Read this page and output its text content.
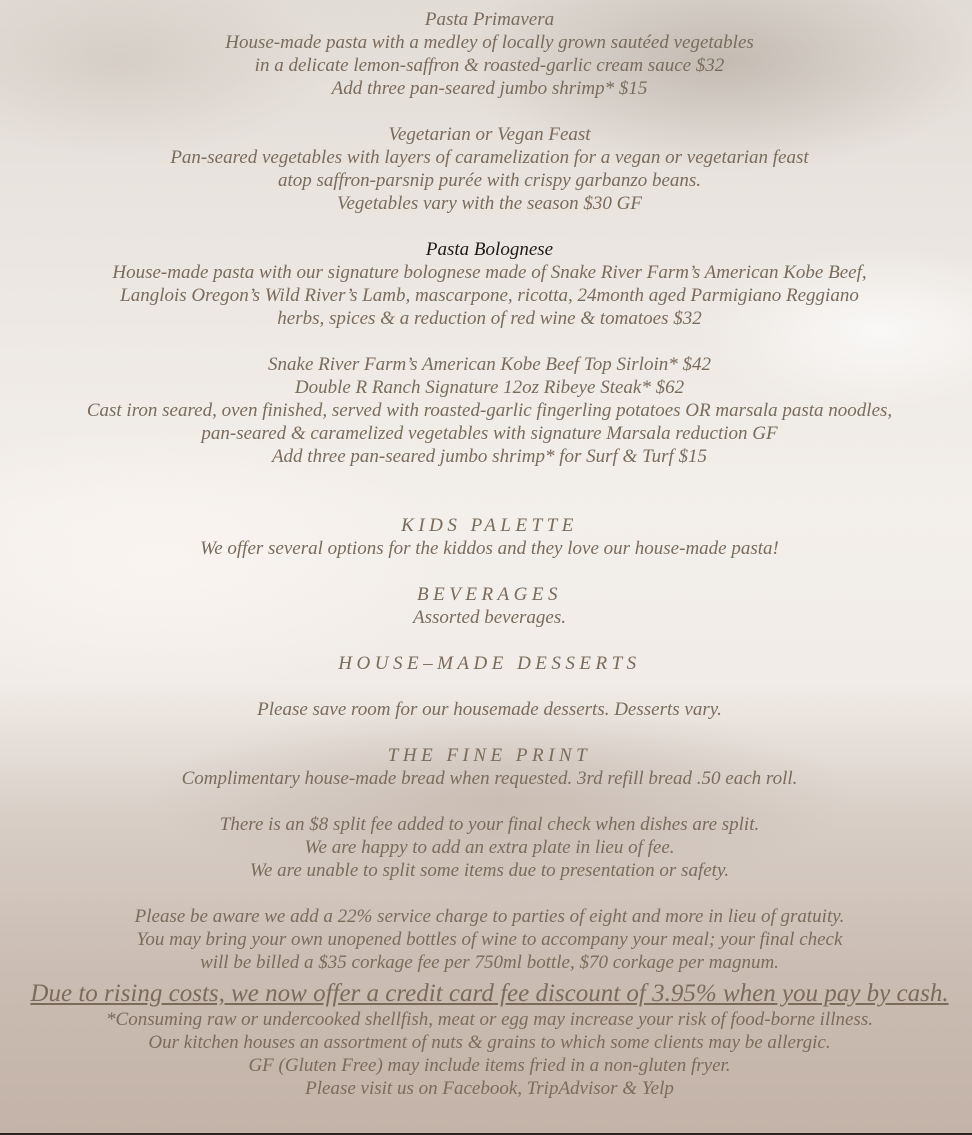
Pasta Primavera
House-made pasta with a medley of locally grown sautéed vegetables
in a delicate lemon-saffron & roasted-garlic cream sauce $32
Add three pan-seared jumbo shrimp* $15
Vegetarian or Vegan Feast
Pan-seared vegetables with layers of caramelization for a vegan or vegetarian feast
atop saffron-parsnip purée with crispy garbanzo beans.
Vegetables vary with the season $30 GF
Pasta Bolognese
House-made pasta with our signature bolognese made of Snake River Farm’s American Kobe Beef,
Langlois Oregon’s Wild River’s Lamb, mascarpone, ricotta, 24month aged Parmigiano Reggiano
herbs, spices & a reduction of red wine & tomatoes $32
Snake River Farm’s American Kobe Beef Top Sirloin* $42
Double R Ranch Signature 12oz Ribeye Steak* $62
Cast iron seared, oven finished, served with roasted-garlic fingerling potatoes OR marsala pasta noodles,
pan-seared & caramelized vegetables with signature Marsala reduction GF
Add three pan-seared jumbo shrimp* for Surf & Turf $15
KIDS PALETTE
We offer several options for the kiddos and they love our house-made pasta!
BEVERAGES
Assorted beverages.
HOUSE–MADE DESSERTS
Please save room for our housemade desserts. Desserts vary.
THE FINE PRINT
Complimentary house-made bread when requested. 3rd refill bread .50 each roll.
There is an $8 split fee added to your final check when dishes are split.
We are happy to add an extra plate in lieu of fee.
We are unable to split some items due to presentation or safety.
Please be aware we add a 22% service charge to parties of eight and more in lieu of gratuity.
You may bring your own unopened bottles of wine to accompany your meal; your final check
will be billed a $35 corkage fee per 750ml bottle, $70 corkage per magnum.
Due to rising costs, we now offer a credit card fee discount of 3.95% when you pay by cash.
*Consuming raw or undercooked shellfish, meat or egg may increase your risk of food-borne illness.
Our kitchen houses an assortment of nuts & grains to which some clients may be allergic.
GF (Gluten Free) may include items fried in a non-gluten fryer.
Please visit us on Facebook, TripAdvisor & Yelp
